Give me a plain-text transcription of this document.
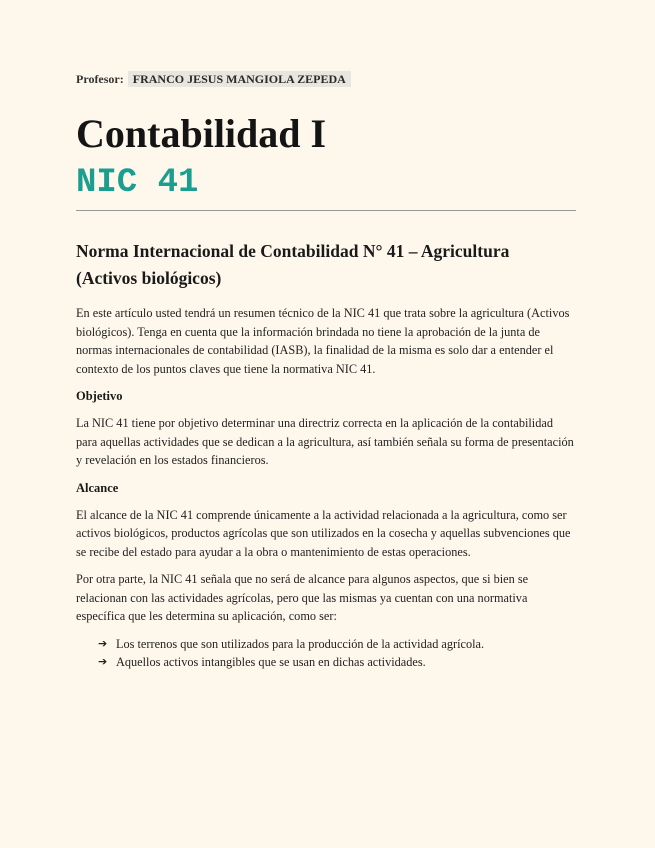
Profesor: FRANCO JESUS MANGIOLA ZEPEDA
Contabilidad I
NIC 41
Norma Internacional de Contabilidad N° 41 – Agricultura
(Activos biológicos)

En este artículo usted tendrá un resumen técnico de la NIC 41 que trata sobre la agricultura (Activos biológicos). Tenga en cuenta que la información brindada no tiene la aprobación de la junta de normas internacionales de contabilidad (IASB), la finalidad de la misma es solo dar a entender el contexto de los puntos claves que tiene la normativa NIC 41.

Objetivo

La NIC 41 tiene por objetivo determinar una directriz correcta en la aplicación de la contabilidad para aquellas actividades que se dedican a la agricultura, así también señala su forma de presentación y revelación en los estados financieros.

Alcance

El alcance de la NIC 41 comprende únicamente a la actividad relacionada a la agricultura, como ser activos biológicos, productos agrícolas que son utilizados en la cosecha y aquellas subvenciones que se recibe del estado para ayudar a la obra o mantenimiento de estas operaciones.

Por otra parte, la NIC 41 señala que no será de alcance para algunos aspectos, que si bien se relacionan con las actividades agrícolas, pero que las mismas ya cuentan con una normativa específica que les determina su aplicación, como ser:

➔ Los terrenos que son utilizados para la producción de la actividad agrícola.
➔ Aquellos activos intangibles que se usan en dichas actividades.
